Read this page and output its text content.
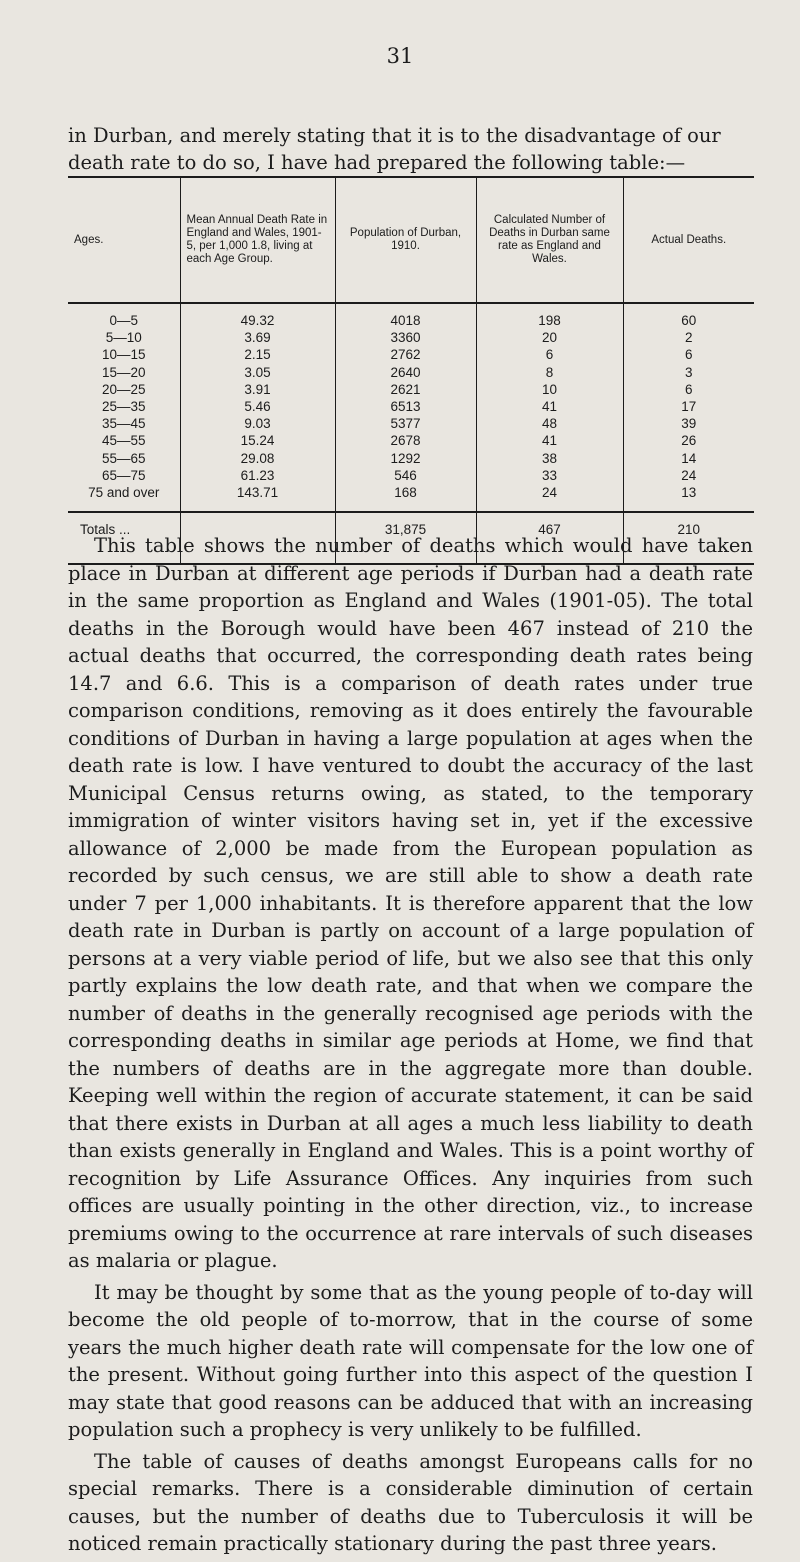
31
in Durban, and merely stating that it is to the disadvantage of our death rate to do so, I have had prepared the following table:—
Ages.	Mean Annual Death Rate in England and Wales, 1901-5, per 1,000 1.8, living at each Age Group.	Population of Durban, 1910.	Calculated Number of Deaths in Durban same rate as England and Wales.	Actual Deaths.
0—5	49.32	4018	198	60
5—10	3.69	3360	20	2
10—15	2.15	2762	6	6
15—20	3.05	2640	8	3
20—25	3.91	2621	10	6
25—35	5.46	6513	41	17
35—45	9.03	5377	48	39
45—55	15.24	2678	41	26
55—65	29.08	1292	38	14
65—75	61.23	546	33	24
75 and over	143.71	168	24	13
Totals ...		31,875	467	210

This table shows the number of deaths which would have taken place in Durban at different age periods if Durban had a death rate in the same proportion as England and Wales (1901-05). The total deaths in the Borough would have been 467 instead of 210 the actual deaths that occurred, the corresponding death rates being 14.7 and 6.6. This is a comparison of death rates under true comparison conditions, removing as it does entirely the favourable conditions of Durban in having a large population at ages when the death rate is low. I have ventured to doubt the accuracy of the last Municipal Census returns owing, as stated, to the temporary immigration of winter visitors having set in, yet if the excessive allowance of 2,000 be made from the European population as recorded by such census, we are still able to show a death rate under 7 per 1,000 inhabitants. It is therefore apparent that the low death rate in Durban is partly on account of a large population of persons at a very viable period of life, but we also see that this only partly explains the low death rate, and that when we compare the number of deaths in the generally recognised age periods with the corresponding deaths in similar age periods at Home, we find that the numbers of deaths are in the aggregate more than double. Keeping well within the region of accurate statement, it can be said that there exists in Durban at all ages a much less liability to death than exists generally in England and Wales. This is a point worthy of recognition by Life Assurance Offices. Any inquiries from such offices are usually pointing in the other direction, viz., to increase premiums owing to the occurrence at rare intervals of such diseases as malaria or plague.

It may be thought by some that as the young people of to-day will become the old people of to-morrow, that in the course of some years the much higher death rate will compensate for the low one of the present. Without going further into this aspect of the question I may state that good reasons can be adduced that with an increasing population such a prophecy is very unlikely to be fulfilled.

The table of causes of deaths amongst Europeans calls for no special remarks. There is a considerable diminution of certain causes, but the number of deaths due to Tuberculosis it will be noticed remain practically stationary during the past three years.
